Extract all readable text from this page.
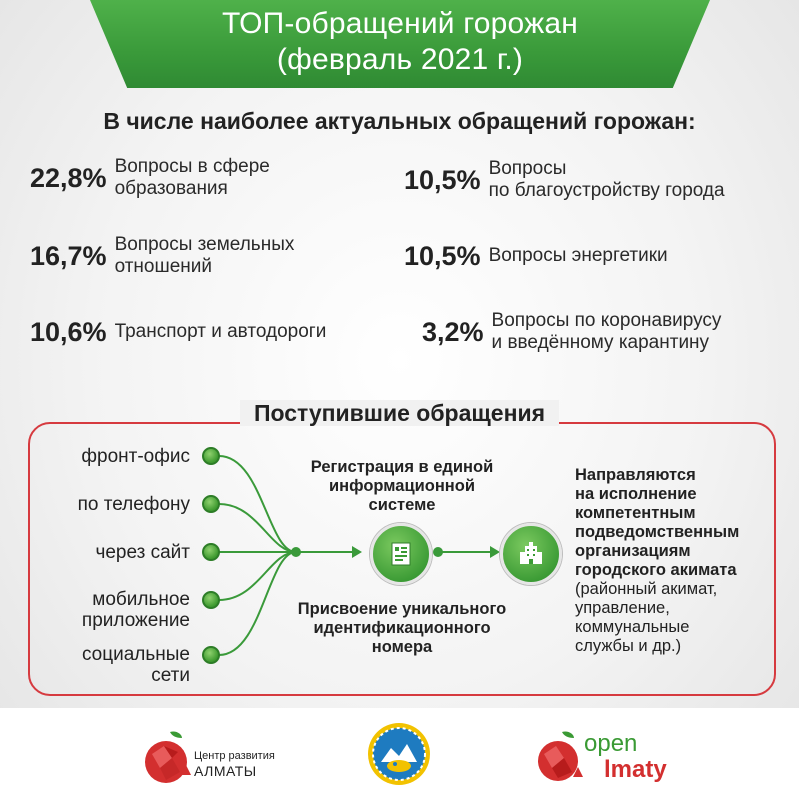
ТОП-обращений горожан
(февраль 2021 г.)
В числе наиболее актуальных обращений горожан:
22,8% Вопросы в сфере
образования
16,7% Вопросы земельных
отношений
10,6% Транспорт и автодороги
10,5% Вопросы
по благоустройству города
10,5% Вопросы энергетики
3,2% Вопросы по коронавирусу
и введённому карантину
Поступившие обращения
фронт-офис
по телефону
через сайт
мобильное
приложение
социальные
сети
Регистрация в единой
информационной
системе
Присвоение уникального
идентификационного
номера
Направляются
на исполнение
компетентным
подведомственным
организациям
городского акимата
(районный акимат,
управление,
коммунальные
службы и др.)
Центр развития
АЛМАТЫ
open
lmaty
